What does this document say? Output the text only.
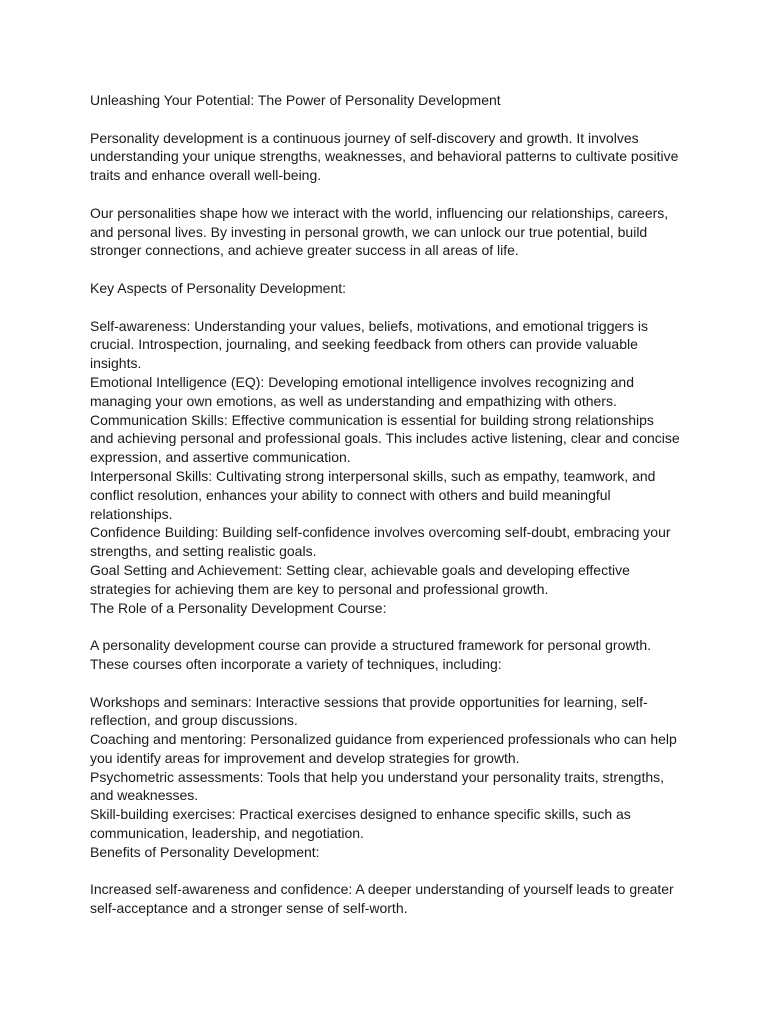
Unleashing Your Potential: The Power of Personality Development

Personality development is a continuous journey of self-discovery and growth. It involves understanding your unique strengths, weaknesses, and behavioral patterns to cultivate positive traits and enhance overall well-being.

Our personalities shape how we interact with the world, influencing our relationships, careers, and personal lives. By investing in personal growth, we can unlock our true potential, build stronger connections, and achieve greater success in all areas of life.

Key Aspects of Personality Development:

Self-awareness: Understanding your values, beliefs, motivations, and emotional triggers is crucial. Introspection, journaling, and seeking feedback from others can provide valuable insights.

Emotional Intelligence (EQ): Developing emotional intelligence involves recognizing and managing your own emotions, as well as understanding and empathizing with others.

Communication Skills: Effective communication is essential for building strong relationships and achieving personal and professional goals. This includes active listening, clear and concise expression, and assertive communication.

Interpersonal Skills: Cultivating strong interpersonal skills, such as empathy, teamwork, and conflict resolution, enhances your ability to connect with others and build meaningful relationships.

Confidence Building: Building self-confidence involves overcoming self-doubt, embracing your strengths, and setting realistic goals.

Goal Setting and Achievement: Setting clear, achievable goals and developing effective strategies for achieving them are key to personal and professional growth.

The Role of a Personality Development Course:

A personality development course can provide a structured framework for personal growth. These courses often incorporate a variety of techniques, including:

Workshops and seminars: Interactive sessions that provide opportunities for learning, self-reflection, and group discussions.

Coaching and mentoring: Personalized guidance from experienced professionals who can help you identify areas for improvement and develop strategies for growth.

Psychometric assessments: Tools that help you understand your personality traits, strengths, and weaknesses.

Skill-building exercises: Practical exercises designed to enhance specific skills, such as communication, leadership, and negotiation.

Benefits of Personality Development:

Increased self-awareness and confidence: A deeper understanding of yourself leads to greater self-acceptance and a stronger sense of self-worth.
